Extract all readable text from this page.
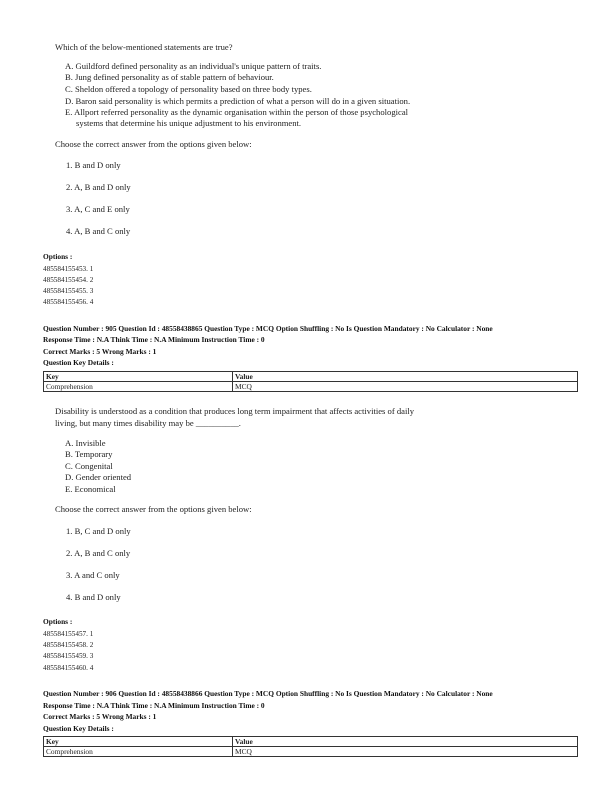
Which of the below-mentioned statements are true?
A. Guildford defined personality as an individual's unique pattern of traits.
B. Jung defined personality as of stable pattern of behaviour.
C. Sheldon offered a topology of personality based on three body types.
D. Baron said personality is which permits a prediction of what a person will do in a given situation.
E. Allport referred personality as the dynamic organisation within the person of those psychological
systems that determine his unique adjustment to his environment.
Choose the correct answer from the options given below:
1. B and D only
2. A, B and D only
3. A, C and E only
4. A, B and C only
Options :
485584155453. 1
485584155454. 2
485584155455. 3
485584155456. 4
Question Number : 905 Question Id : 48558438865 Question Type : MCQ Option Shuffling : No Is Question Mandatory : No Calculator : None
Response Time : N.A Think Time : N.A Minimum Instruction Time : 0
Correct Marks : 5 Wrong Marks : 1
Question Key Details :
Key	Value
Comprehension	MCQ
Disability is understood as a condition that produces long term impairment that affects activities of daily
living, but many times disability may be __________.
A. Invisible
B. Temporary
C. Congenital
D. Gender oriented
E. Economical
Choose the correct answer from the options given below:
1. B, C and D only
2. A, B and C only
3. A and C only
4. B and D only
Options :
485584155457. 1
485584155458. 2
485584155459. 3
485584155460. 4
Question Number : 906 Question Id : 48558438866 Question Type : MCQ Option Shuffling : No Is Question Mandatory : No Calculator : None
Response Time : N.A Think Time : N.A Minimum Instruction Time : 0
Correct Marks : 5 Wrong Marks : 1
Question Key Details :
Key	Value
Comprehension	MCQ
